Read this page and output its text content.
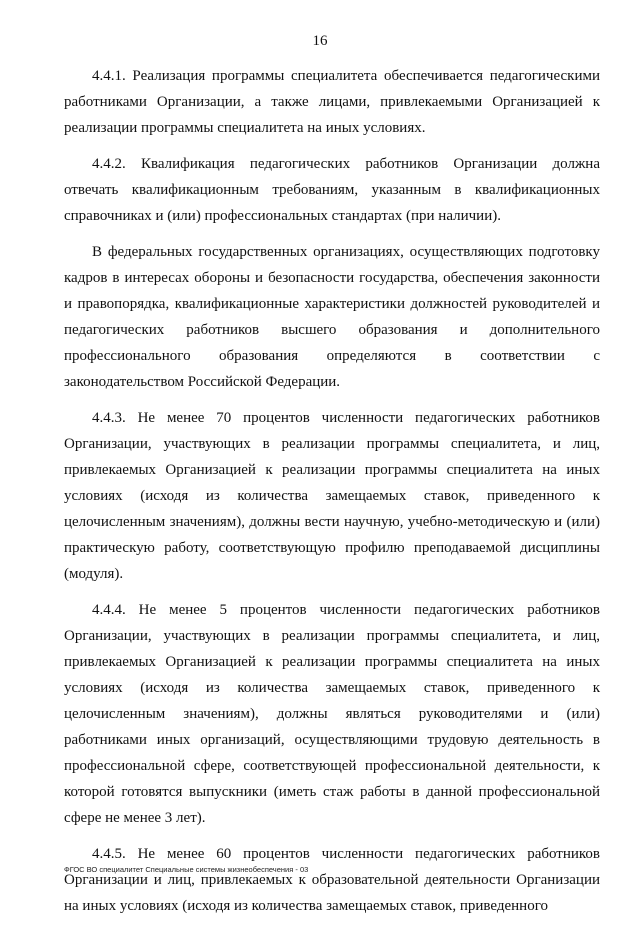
16

4.4.1. Реализация программы специалитета обеспечивается педагогическими работниками Организации, а также лицами, привлекаемыми Организацией к реализации программы специалитета на иных условиях.

4.4.2. Квалификация педагогических работников Организации должна отвечать квалификационным требованиям, указанным в квалификационных справочниках и (или) профессиональных стандартах (при наличии).

В федеральных государственных организациях, осуществляющих подготовку кадров в интересах обороны и безопасности государства, обеспечения законности и правопорядка, квалификационные характеристики должностей руководителей и педагогических работников высшего образования и дополнительного профессионального образования определяются в соответствии с законодательством Российской Федерации.

4.4.3. Не менее 70 процентов численности педагогических работников Организации, участвующих в реализации программы специалитета, и лиц, привлекаемых Организацией к реализации программы специалитета на иных условиях (исходя из количества замещаемых ставок, приведенного к целочисленным значениям), должны вести научную, учебно-методическую и (или) практическую работу, соответствующую профилю преподаваемой дисциплины (модуля).

4.4.4. Не менее 5 процентов численности педагогических работников Организации, участвующих в реализации программы специалитета, и лиц, привлекаемых Организацией к реализации программы специалитета на иных условиях (исходя из количества замещаемых ставок, приведенного к целочисленным значениям), должны являться руководителями и (или) работниками иных организаций, осуществляющими трудовую деятельность в профессиональной сфере, соответствующей профессиональной деятельности, к которой готовятся выпускники (иметь стаж работы в данной профессиональной сфере не менее 3 лет).

4.4.5. Не менее 60 процентов численности педагогических работников Организации и лиц, привлекаемых к образовательной деятельности Организации на иных условиях (исходя из количества замещаемых ставок, приведенного

ФГОС ВО специалитет Специальные системы жизнеобеспечения - 03
